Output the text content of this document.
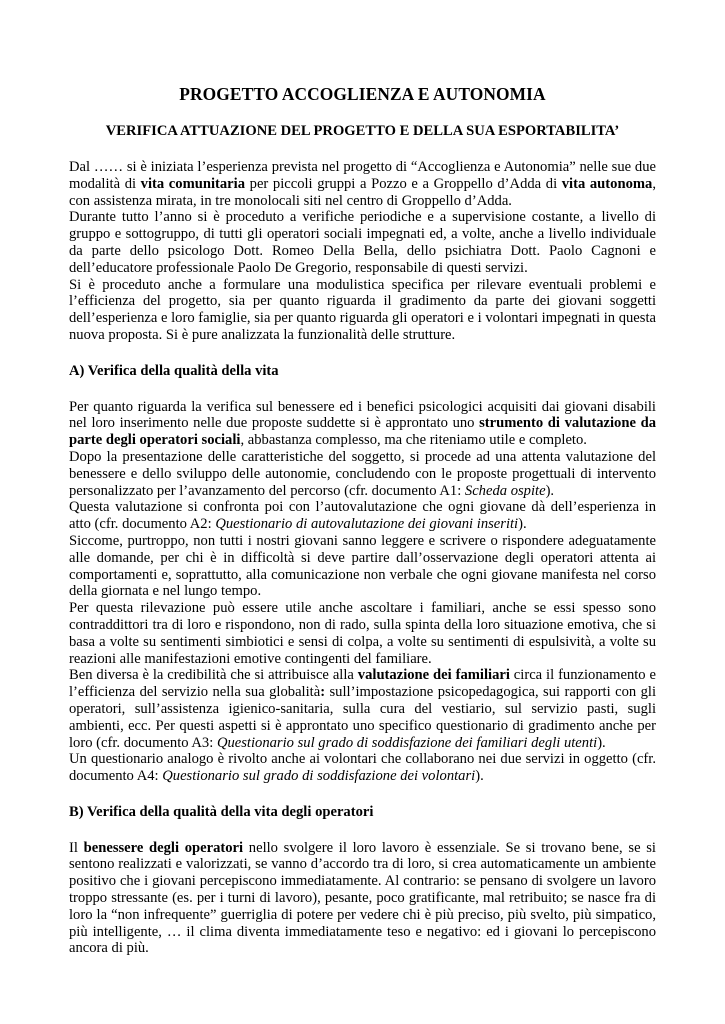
PROGETTO ACCOGLIENZA E AUTONOMIA
VERIFICA ATTUAZIONE DEL PROGETTO E DELLA SUA ESPORTABILITA’

Dal …… si è iniziata l’esperienza prevista nel progetto di “Accoglienza e Autonomia” nelle sue due modalità di vita comunitaria per piccoli gruppi a Pozzo e a Groppello d’Adda di vita autonoma, con assistenza mirata, in tre monolocali siti nel centro di Groppello d’Adda.

Durante tutto l’anno si è proceduto a verifiche periodiche e a supervisione costante, a livello di gruppo e sottogruppo, di tutti gli operatori sociali impegnati ed, a volte, anche a livello individuale da parte dello psicologo Dott. Romeo Della Bella, dello psichiatra Dott. Paolo Cagnoni e dell’educatore professionale Paolo De Gregorio, responsabile di questi servizi.

Si è proceduto anche a formulare una modulistica specifica per rilevare eventuali problemi e l’efficienza del progetto, sia per quanto riguarda il gradimento da parte dei giovani soggetti dell’esperienza e loro famiglie, sia per quanto riguarda gli operatori e i volontari impegnati in questa nuova proposta. Si è pure analizzata la funzionalità delle strutture.

A) Verifica della qualità della vita

Per quanto riguarda la verifica sul benessere ed i benefici psicologici acquisiti dai giovani disabili nel loro inserimento nelle due proposte suddette si è approntato uno strumento di valutazione da parte degli operatori sociali, abbastanza complesso, ma che riteniamo utile e completo.

Dopo la presentazione delle caratteristiche del soggetto, si procede ad una attenta valutazione del benessere e dello sviluppo delle autonomie, concludendo con le proposte progettuali di intervento personalizzato per l’avanzamento del percorso (cfr. documento A1: Scheda ospite).

Questa valutazione si confronta poi con l’autovalutazione che ogni giovane dà dell’esperienza in atto (cfr. documento A2: Questionario di autovalutazione dei giovani inseriti).

Siccome, purtroppo, non tutti i nostri giovani sanno leggere e scrivere o rispondere adeguatamente alle domande, per chi è in difficoltà si deve partire dall’osservazione degli operatori attenta ai comportamenti e, soprattutto, alla comunicazione non verbale che ogni giovane manifesta nel corso della giornata e nel lungo tempo.

Per questa rilevazione può essere utile anche ascoltare i familiari, anche se essi spesso sono contraddittori tra di loro e rispondono, non di rado, sulla spinta della loro situazione emotiva, che si basa a volte su sentimenti simbiotici e sensi di colpa, a volte su sentimenti di espulsività, a volte su reazioni alle manifestazioni emotive contingenti del familiare.

Ben diversa è la credibilità che si attribuisce alla valutazione dei familiari circa il funzionamento e l’efficienza del servizio nella sua globalità: sull’impostazione psicopedagogica, sui rapporti con gli operatori, sull’assistenza igienico-sanitaria, sulla cura del vestiario, sul servizio pasti, sugli ambienti, ecc. Per questi aspetti si è approntato uno specifico questionario di gradimento anche per loro (cfr. documento A3: Questionario sul grado di soddisfazione dei familiari degli utenti).

Un questionario analogo è rivolto anche ai volontari che collaborano nei due servizi in oggetto (cfr. documento A4: Questionario sul grado di soddisfazione dei volontari).

B) Verifica della qualità della vita degli operatori

Il benessere degli operatori nello svolgere il loro lavoro è essenziale. Se si trovano bene, se si sentono realizzati e valorizzati, se vanno d’accordo tra di loro, si crea automaticamente un ambiente positivo che i giovani percepiscono immediatamente. Al contrario: se pensano di svolgere un lavoro troppo stressante (es. per i turni di lavoro), pesante, poco gratificante, mal retribuito; se nasce fra di loro la “non infrequente” guerriglia di potere per vedere chi è più preciso, più svelto, più simpatico, più intelligente, … il clima diventa immediatamente teso e negativo: ed i giovani lo percepiscono ancora di più.
